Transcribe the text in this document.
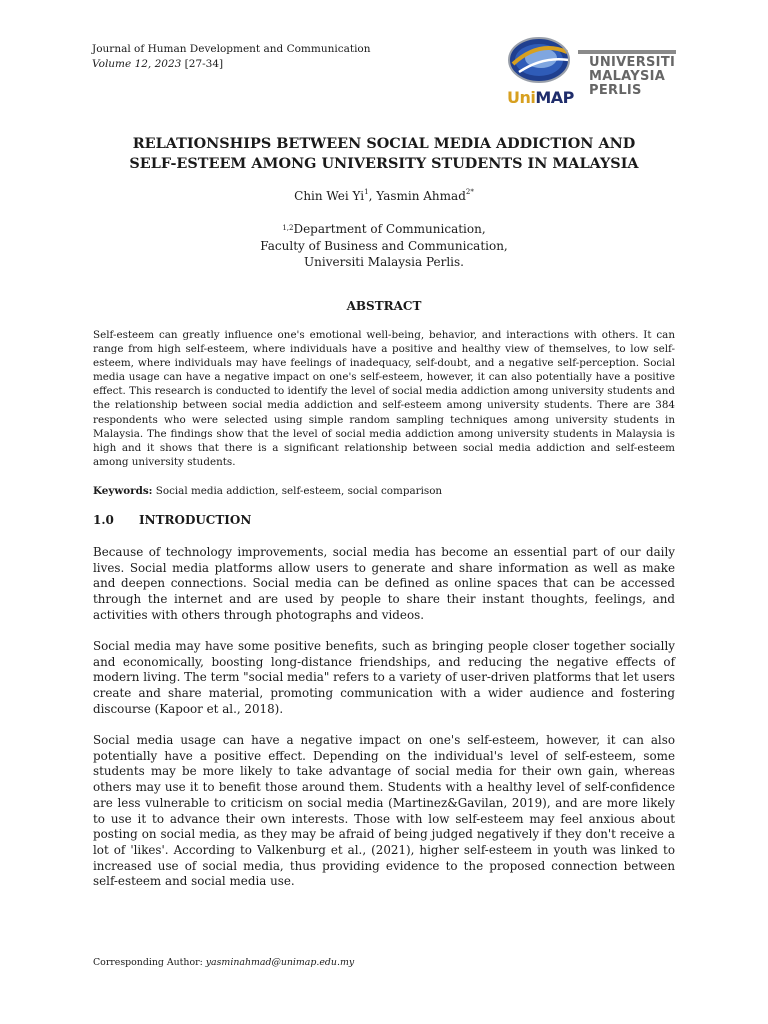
Journal of Human Development and Communication
Volume 12, 2023 [27-34]	UNIVERSITI
MALAYSIA
PERLIS
UniMAP
RELATIONSHIPS BETWEEN SOCIAL MEDIA ADDICTION AND
SELF-ESTEEM AMONG UNIVERSITY STUDENTS IN MALAYSIA
Chin Wei Yi$^1$, Yasmin Ahmad$^{2*}$
$^{1,2}$Department of Communication,
Faculty of Business and Communication,
Universiti Malaysia Perlis.
ABSTRACT
Self-esteem can greatly influence one's emotional well-being, behavior, and interactions with others. It can range from high self-esteem, where individuals have a positive and healthy view of themselves, to low self-esteem, where individuals may have feelings of inadequacy, self-doubt, and a negative self-perception. Social media usage can have a negative impact on one's self-esteem, however, it can also potentially have a positive effect. This research is conducted to identify the level of social media addiction among university students and the relationship between social media addiction and self-esteem among university students. There are 384 respondents who were selected using simple random sampling techniques among university students in Malaysia. The findings show that the level of social media addiction among university students in Malaysia is high and it shows that there is a significant relationship between social media addiction and self-esteem among university students.
Keywords: Social media addiction, self-esteem, social comparison
1.0 INTRODUCTION
Because of technology improvements, social media has become an essential part of our daily lives. Social media platforms allow users to generate and share information as well as make and deepen connections. Social media can be defined as online spaces that can be accessed through the internet and are used by people to share their instant thoughts, feelings, and activities with others through photographs and videos.
Social media may have some positive benefits, such as bringing people closer together socially and economically, boosting long-distance friendships, and reducing the negative effects of modern living. The term "social media" refers to a variety of user-driven platforms that let users create and share material, promoting communication with a wider audience and fostering discourse (Kapoor et al., 2018).
Social media usage can have a negative impact on one's self-esteem, however, it can also potentially have a positive effect. Depending on the individual's level of self-esteem, some students may be more likely to take advantage of social media for their own gain, whereas others may use it to benefit those around them. Students with a healthy level of self-confidence are less vulnerable to criticism on social media (Martinez&Gavilan, 2019), and are more likely to use it to advance their own interests. Those with low self-esteem may feel anxious about posting on social media, as they may be afraid of being judged negatively if they don't receive a lot of 'likes'. According to Valkenburg et al., (2021), higher self-esteem in youth was linked to increased use of social media, thus providing evidence to the proposed connection between self-esteem and social media use.
Corresponding Author: yasminahmad@unimap.edu.my
